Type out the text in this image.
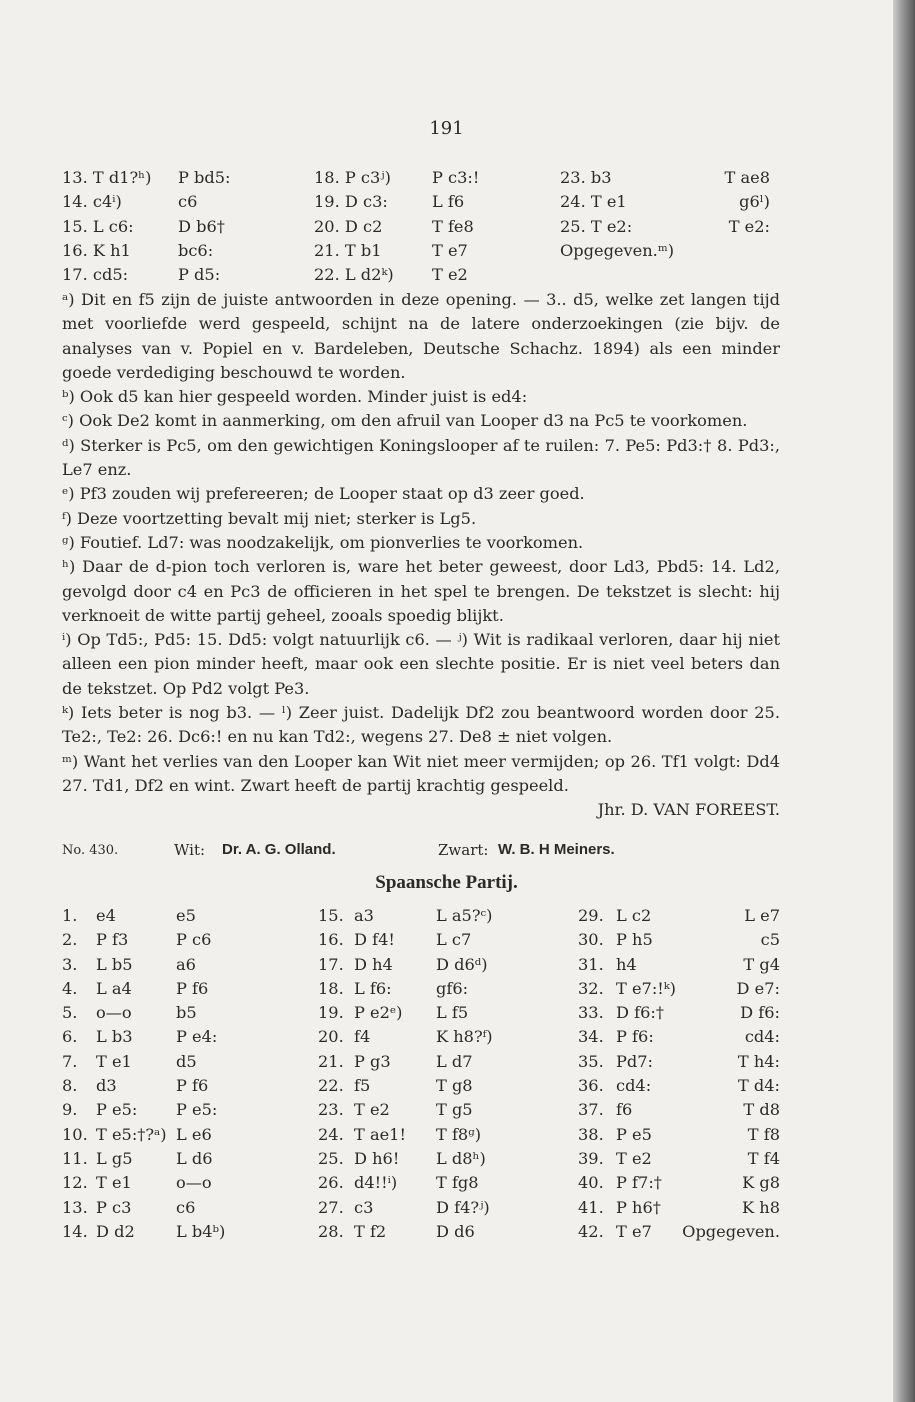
191
13. T d1?ʰ)
14. c4ⁱ)
15. L c6:
16. K h1
17. cd5:
P bd5:
c6
D b6†
bc6:
P d5:
18. P c3ʲ)
19. D c3:
20. D c2
21. T b1
22. L d2ᵏ)
P c3:!
L f6
T fe8
T e7
T e2
23. b3
24. T e1
25. T e2:
Opgegeven.ᵐ)
T ae8
g6ˡ)
T e2:

ᵃ) Dit en f5 zijn de juiste antwoorden in deze opening. — 3.. d5, welke zet langen tijd met voorliefde werd gespeeld, schijnt na de latere onderzoekingen (zie bijv. de analyses van v. Popiel en v. Bardeleben, Deutsche Schachz. 1894) als een minder goede verdediging beschouwd te worden.

ᵇ) Ook d5 kan hier gespeeld worden. Minder juist is ed4:

ᶜ) Ook De2 komt in aanmerking, om den afruil van Looper d3 na Pc5 te voorkomen.

ᵈ) Sterker is Pc5, om den gewichtigen Koningslooper af te ruilen: 7. Pe5: Pd3:† 8. Pd3:, Le7 enz.

ᵉ) Pf3 zouden wij prefereeren; de Looper staat op d3 zeer goed.

ᶠ) Deze voortzetting bevalt mij niet; sterker is Lg5.

ᵍ) Foutief. Ld7: was noodzakelijk, om pionverlies te voorkomen.

ʰ) Daar de d-pion toch verloren is, ware het beter geweest, door Ld3, Pbd5: 14. Ld2, gevolgd door c4 en Pc3 de officieren in het spel te brengen. De tekstzet is slecht: hij verknoeit de witte partij geheel, zooals spoedig blijkt.

ⁱ) Op Td5:, Pd5: 15. Dd5: volgt natuurlijk c6. — ʲ) Wit is radikaal verloren, daar hij niet alleen een pion minder heeft, maar ook een slechte positie. Er is niet veel beters dan de tekstzet. Op Pd2 volgt Pe3.

ᵏ) Iets beter is nog b3. — ˡ) Zeer juist. Dadelijk Df2 zou beantwoord worden door 25. Te2:, Te2: 26. Dc6:! en nu kan Td2:, wegens 27. De8 ± niet volgen.

ᵐ) Want het verlies van den Looper kan Wit niet meer vermijden; op 26. Tf1 volgt: Dd4 27. Td1, Df2 en wint. Zwart heeft de partij krachtig gespeeld.

Jhr. D. VAN FOREEST.

No. 430.	Wit: Dr. A. G. Olland.	Zwart: W. B. H Meiners.
Spaansche Partij.
1.
2.
3.
4.
5.
6.
7.
8.
9.
10.
11.
12.
13.
14.
e4
P f3
L b5
L a4
o—o
L b3
T e1
d3
P e5:
T e5:†?ᵃ)
L g5
T e1
P c3
D d2
e5
P c6
a6
P f6
b5
P e4:
d5
P f6
P e5:
L e6
L d6
o—o
c6
L b4ᵇ)
15.
16.
17.
18.
19.
20.
21.
22.
23.
24.
25.
26.
27.
28.
a3
D f4!
D h4
L f6:
P e2ᵉ)
f4
P g3
f5
T e2
T ae1!
D h6!
d4!!ⁱ)
c3
T f2
L a5?ᶜ)
L c7
D d6ᵈ)
gf6:
L f5
K h8?ᶠ)
L d7
T g8
T g5
T f8ᵍ)
L d8ʰ)
T fg8
D f4?ʲ)
D d6
29.
30.
31.
32.
33.
34.
35.
36.
37.
38.
39.
40.
41.
42.
L c2
P h5
h4
T e7:!ᵏ)
D f6:†
P f6:
Pd7:
cd4:
f6
P e5
T e2
P f7:†
P h6†
T e7
L e7
c5
T g4
D e7:
D f6:
cd4:
T h4:
T d4:
T d8
T f8
T f4
K g8
K h8
Opgegeven.
